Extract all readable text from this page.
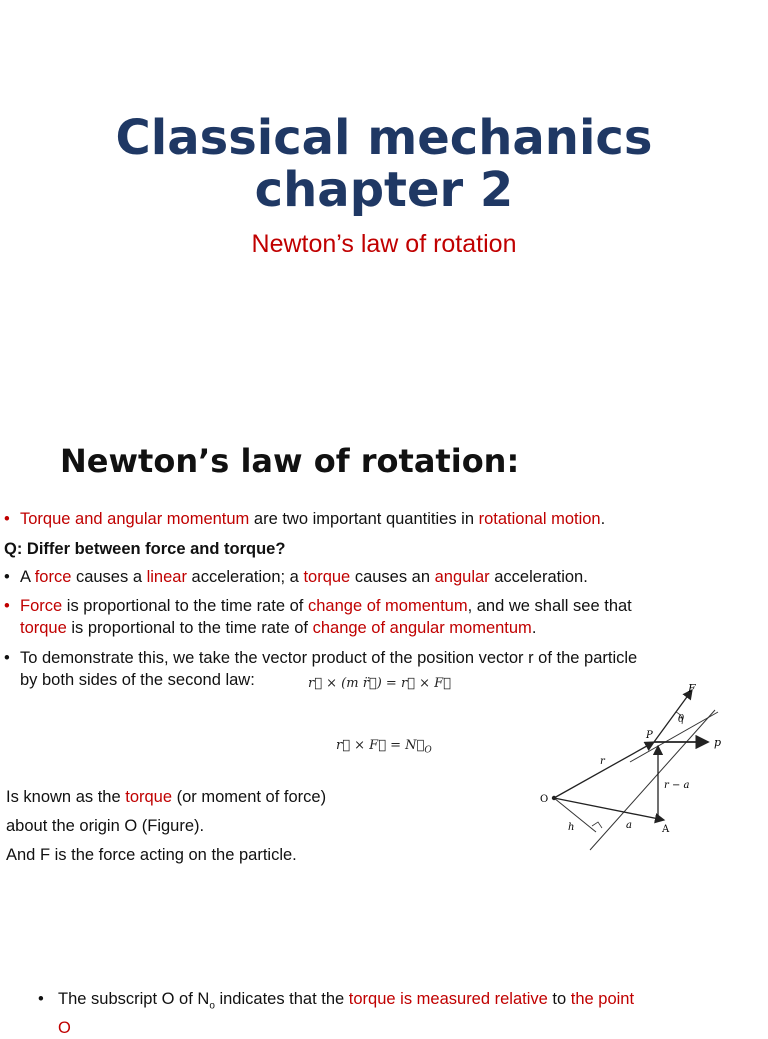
Classical mechanics
chapter 2
Newton’s law of rotation
Newton’s law of rotation:
• Torque and angular momentum are two important quantities in rotational motion.
Q: Differ between force and torque?
• A force causes a linear acceleration; a torque causes an angular acceleration.
• Force is proportional to the time rate of change of momentum, and we shall see that
torque is proportional to the time rate of change of angular momentum.
• To demonstrate this, we take the vector product of the position vector r of the particle
by both sides of the second law:	r⃗ × (m r̈⃗) = r⃗ × F⃗
r⃗ × F⃗ = $N⃗_O$
Is known as the torque (or moment of force)
about the origin O (Figure).
And F is the force acting on the particle.
F
θ
P
p
r
r − a
O
h	a	A
• The subscript O of $N_o$ indicates that the torque is measured relative to the point
O
